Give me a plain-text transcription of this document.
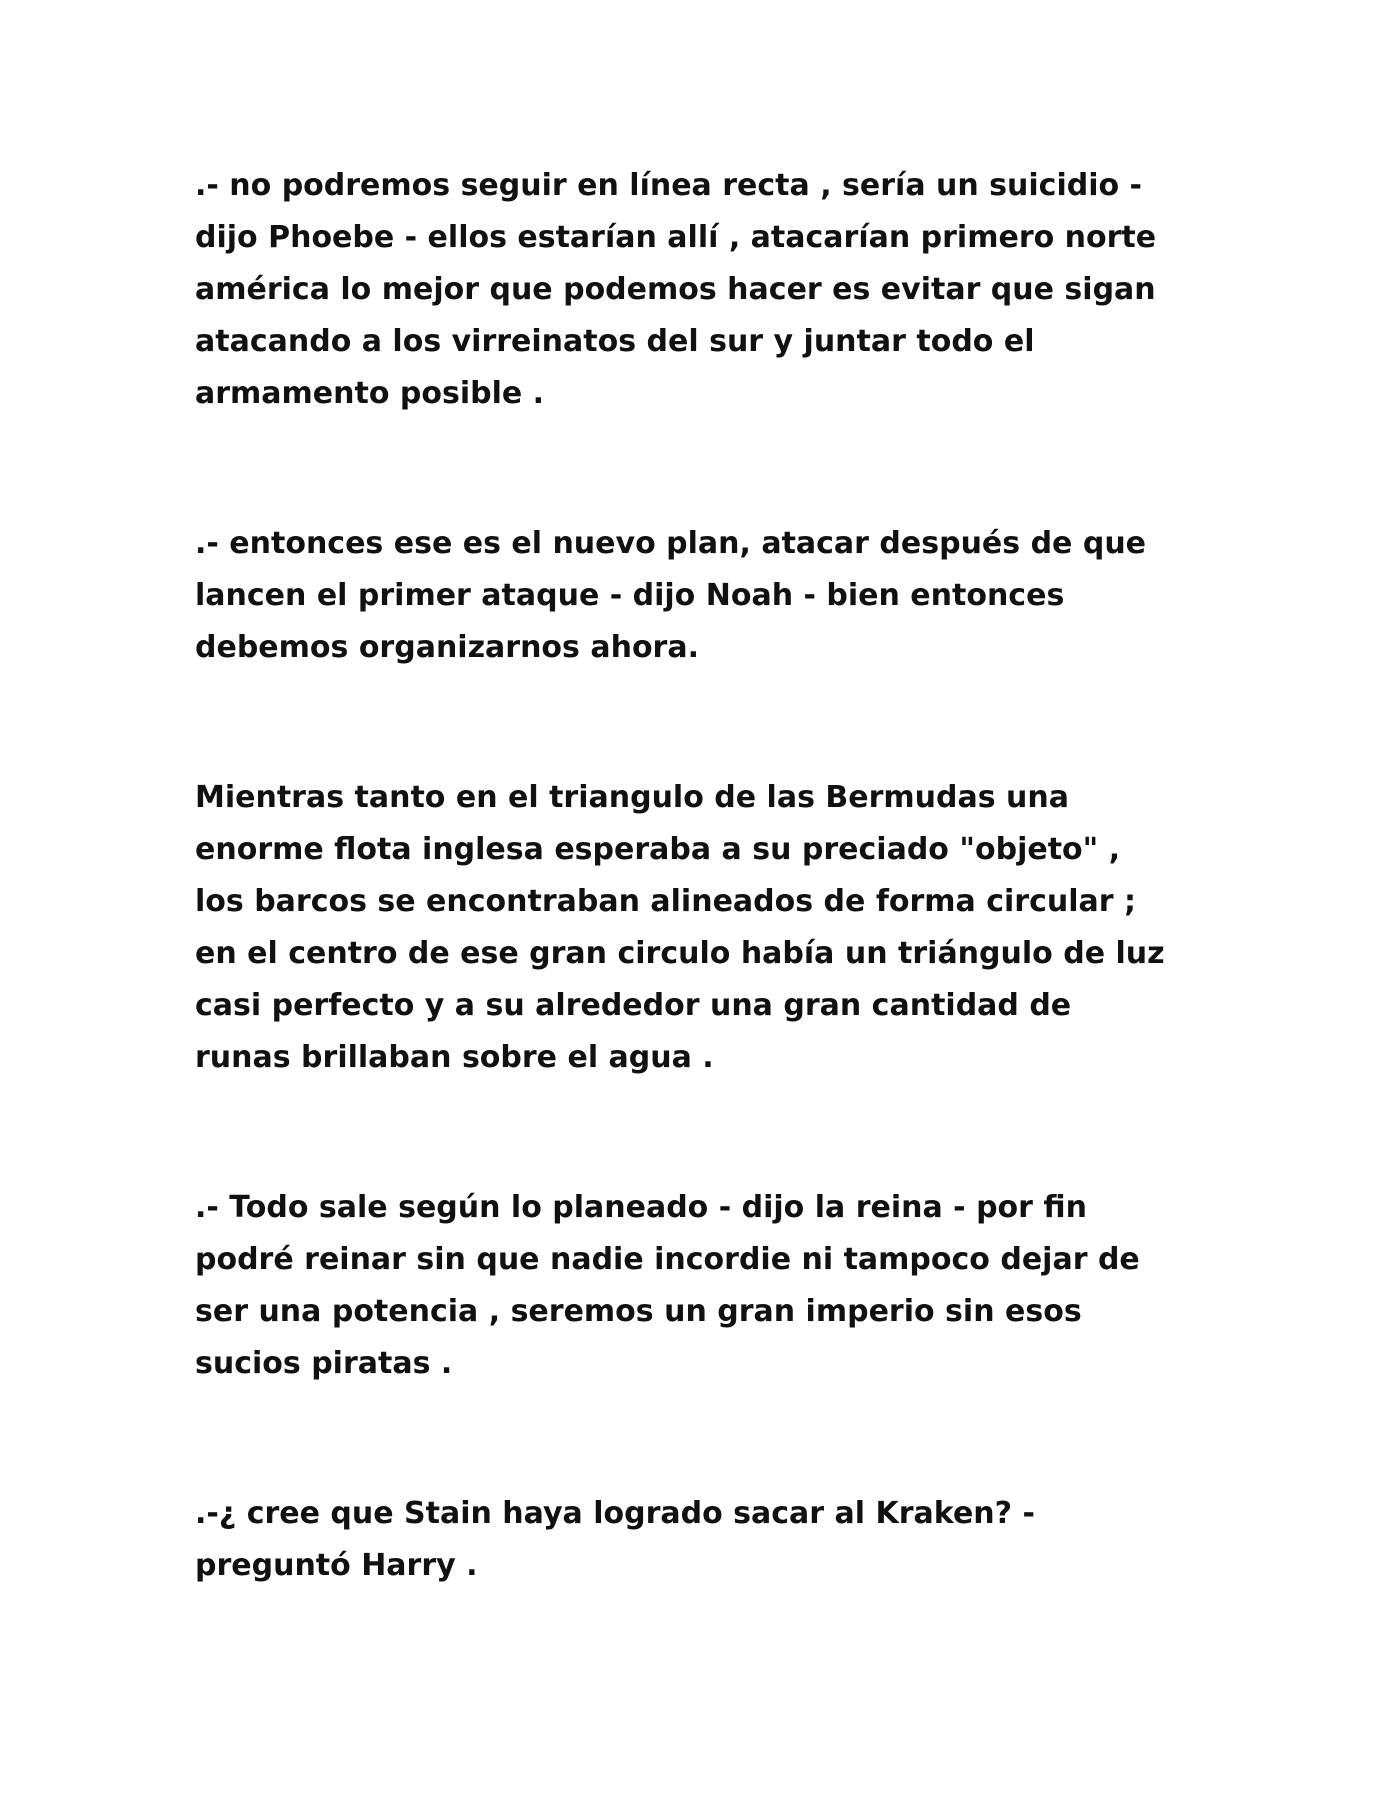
.- no podremos seguir en línea recta , sería un suicidio -
dijo Phoebe - ellos estarían allí , atacarían primero norte
américa lo mejor que podemos hacer es evitar que sigan
atacando a los virreinatos del sur y juntar todo el
armamento posible .

.- entonces ese es el nuevo plan, atacar después de que
lancen el primer ataque - dijo Noah - bien entonces
debemos organizarnos ahora.

Mientras tanto en el triangulo de las Bermudas una
enorme flota inglesa esperaba a su preciado "objeto" ,
los barcos se encontraban alineados de forma circular ;
en el centro de ese gran circulo había un triángulo de luz
casi perfecto y a su alrededor una gran cantidad de
runas brillaban sobre el agua .

.- Todo sale según lo planeado - dijo la reina - por fin
podré reinar sin que nadie incordie ni tampoco dejar de
ser una potencia , seremos un gran imperio sin esos
sucios piratas .

.-¿ cree que Stain haya logrado sacar al Kraken? -
preguntó Harry .
